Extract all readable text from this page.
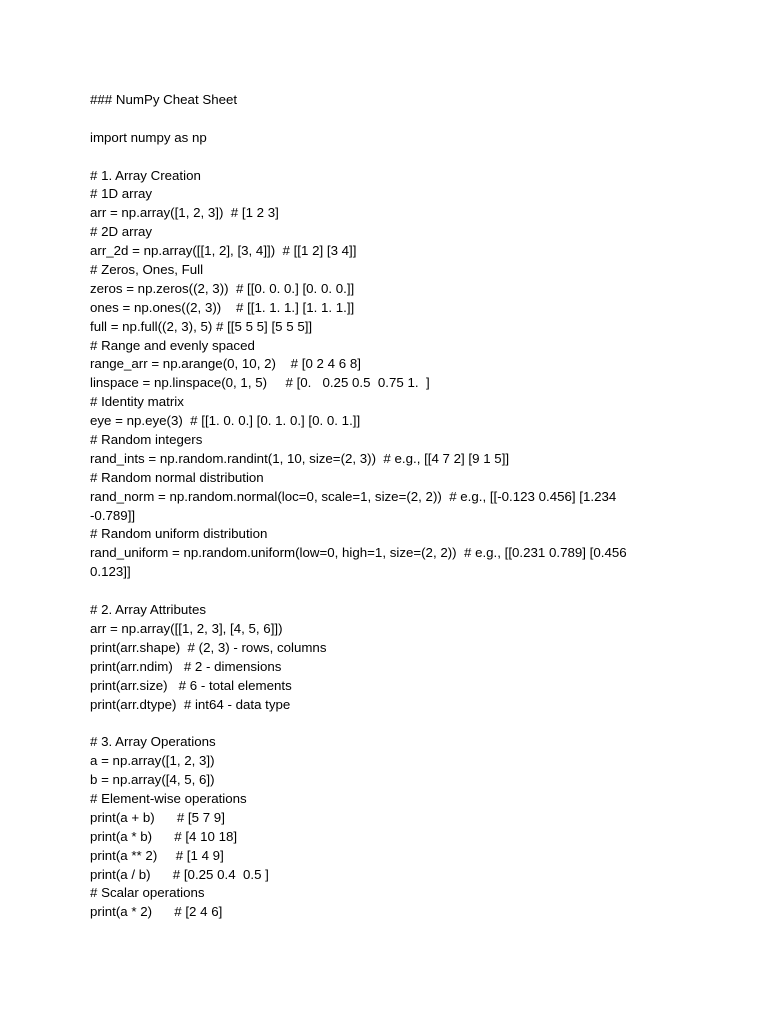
### NumPy Cheat Sheet
import numpy as np
# 1. Array Creation
# 1D array
arr = np.array([1, 2, 3])  # [1 2 3]
# 2D array
arr_2d = np.array([[1, 2], [3, 4]])  # [[1 2] [3 4]]
# Zeros, Ones, Full
zeros = np.zeros((2, 3))  # [[0. 0. 0.] [0. 0. 0.]]
ones = np.ones((2, 3))    # [[1. 1. 1.] [1. 1. 1.]]
full = np.full((2, 3), 5) # [[5 5 5] [5 5 5]]
# Range and evenly spaced
range_arr = np.arange(0, 10, 2)    # [0 2 4 6 8]
linspace = np.linspace(0, 1, 5)     # [0.   0.25 0.5  0.75 1.  ]
# Identity matrix
eye = np.eye(3)  # [[1. 0. 0.] [0. 1. 0.] [0. 0. 1.]]
# Random integers
rand_ints = np.random.randint(1, 10, size=(2, 3))  # e.g., [[4 7 2] [9 1 5]]
# Random normal distribution
rand_norm = np.random.normal(loc=0, scale=1, size=(2, 2))  # e.g., [[-0.123 0.456] [1.234
-0.789]]
# Random uniform distribution
rand_uniform = np.random.uniform(low=0, high=1, size=(2, 2))  # e.g., [[0.231 0.789] [0.456
0.123]]
# 2. Array Attributes
arr = np.array([[1, 2, 3], [4, 5, 6]])
print(arr.shape)  # (2, 3) - rows, columns
print(arr.ndim)   # 2 - dimensions
print(arr.size)   # 6 - total elements
print(arr.dtype)  # int64 - data type
# 3. Array Operations
a = np.array([1, 2, 3])
b = np.array([4, 5, 6])
# Element-wise operations
print(a + b)      # [5 7 9]
print(a * b)      # [4 10 18]
print(a ** 2)     # [1 4 9]
print(a / b)      # [0.25 0.4  0.5 ]
# Scalar operations
print(a * 2)      # [2 4 6]
